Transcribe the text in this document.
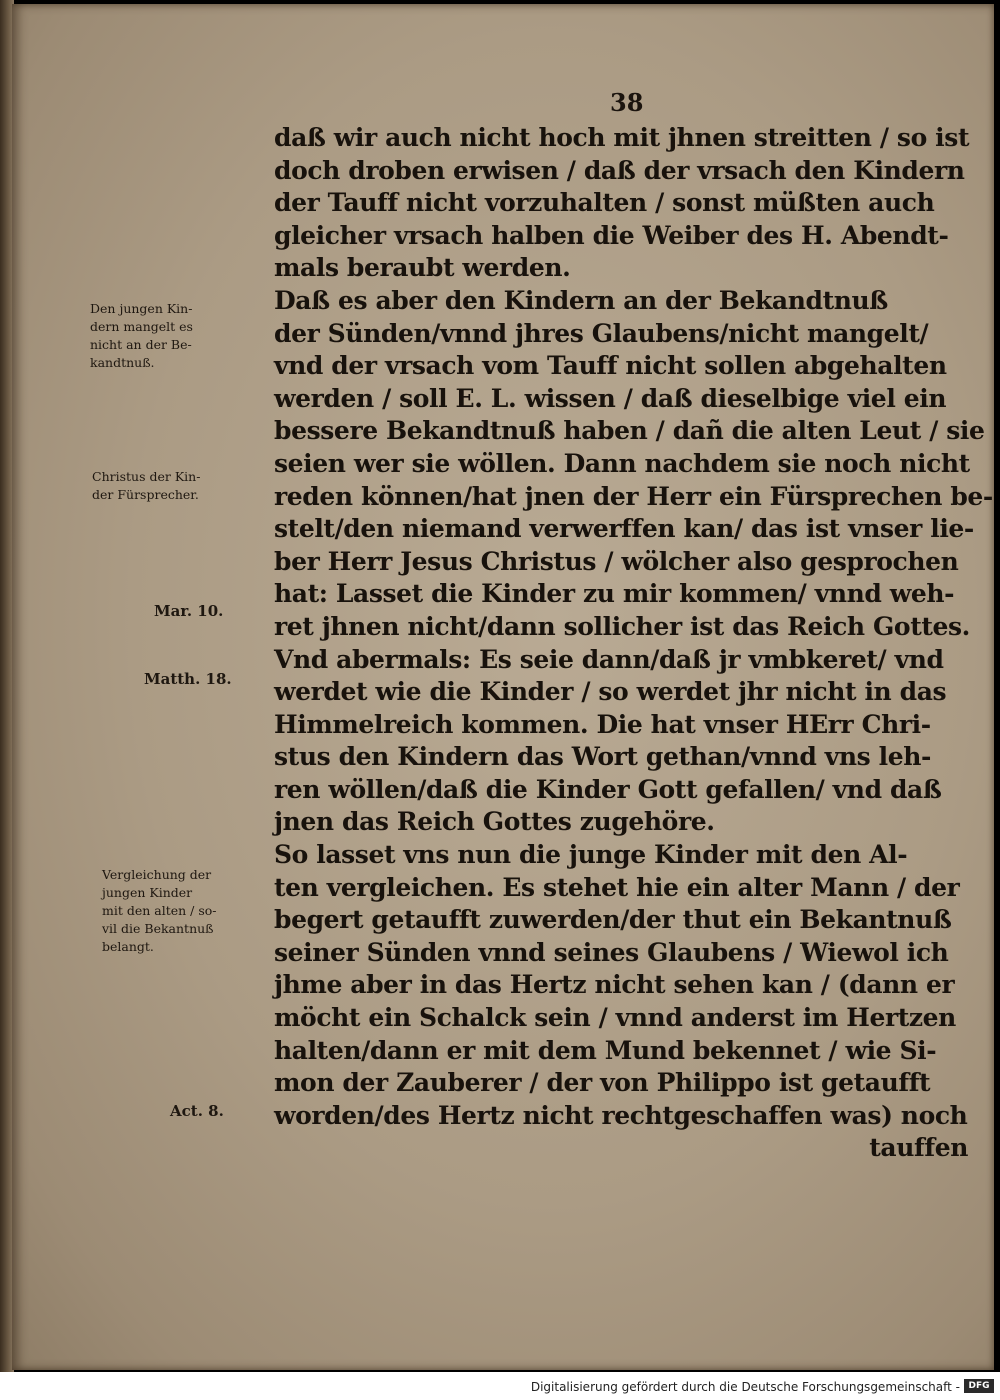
38
daß wir auch nicht hoch mit jhnen streitten / so ist
doch droben erwisen / daß der vrsach den Kindern
der Tauff nicht vorzuhalten / sonst müßten auch
gleicher vrsach halben die Weiber des H. Abendt-
mals beraubt werden.
Daß es aber den Kindern an der Bekandtnuß
der Sünden/vnnd jhres Glaubens/nicht mangelt/
vnd der vrsach vom Tauff nicht sollen abgehalten
werden / soll E. L. wissen / daß dieselbige viel ein
bessere Bekandtnuß haben / dañ die alten Leut / sie
seien wer sie wöllen. Dann nachdem sie noch nicht
reden können/hat jnen der Herr ein Fürsprechen be-
stelt/den niemand verwerffen kan/ das ist vnser lie-
ber Herr Jesus Christus / wölcher also gesprochen
hat: Lasset die Kinder zu mir kommen/ vnnd weh-
ret jhnen nicht/dann sollicher ist das Reich Gottes.
Vnd abermals: Es seie dann/daß jr vmbkeret/ vnd
werdet wie die Kinder / so werdet jhr nicht in das
Himmelreich kommen. Die hat vnser HErr Chri-
stus den Kindern das Wort gethan/vnnd vns leh-
ren wöllen/daß die Kinder Gott gefallen/ vnd daß
jnen das Reich Gottes zugehöre.
So lasset vns nun die junge Kinder mit den Al-
ten vergleichen. Es stehet hie ein alter Mann / der
begert getaufft zuwerden/der thut ein Bekantnuß
seiner Sünden vnnd seines Glaubens / Wiewol ich
jhme aber in das Hertz nicht sehen kan / (dann er
möcht ein Schalck sein / vnnd anderst im Hertzen
halten/dann er mit dem Mund bekennet / wie Si-
mon der Zauberer / der von Philippo ist getaufft
worden/des Hertz nicht rechtgeschaffen was) noch
tauffen
Den jungen Kin-
dern mangelt es
nicht an der Be-
kandtnuß.
Christus der Kin-
der Fürsprecher.
Mar. 10.
Matth. 18.
Vergleichung der
jungen Kinder
mit den alten / so-
vil die Bekantnuß
belangt.
Act. 8.
Digitalisierung gefördert durch die Deutsche Forschungsgemeinschaft - DFG
